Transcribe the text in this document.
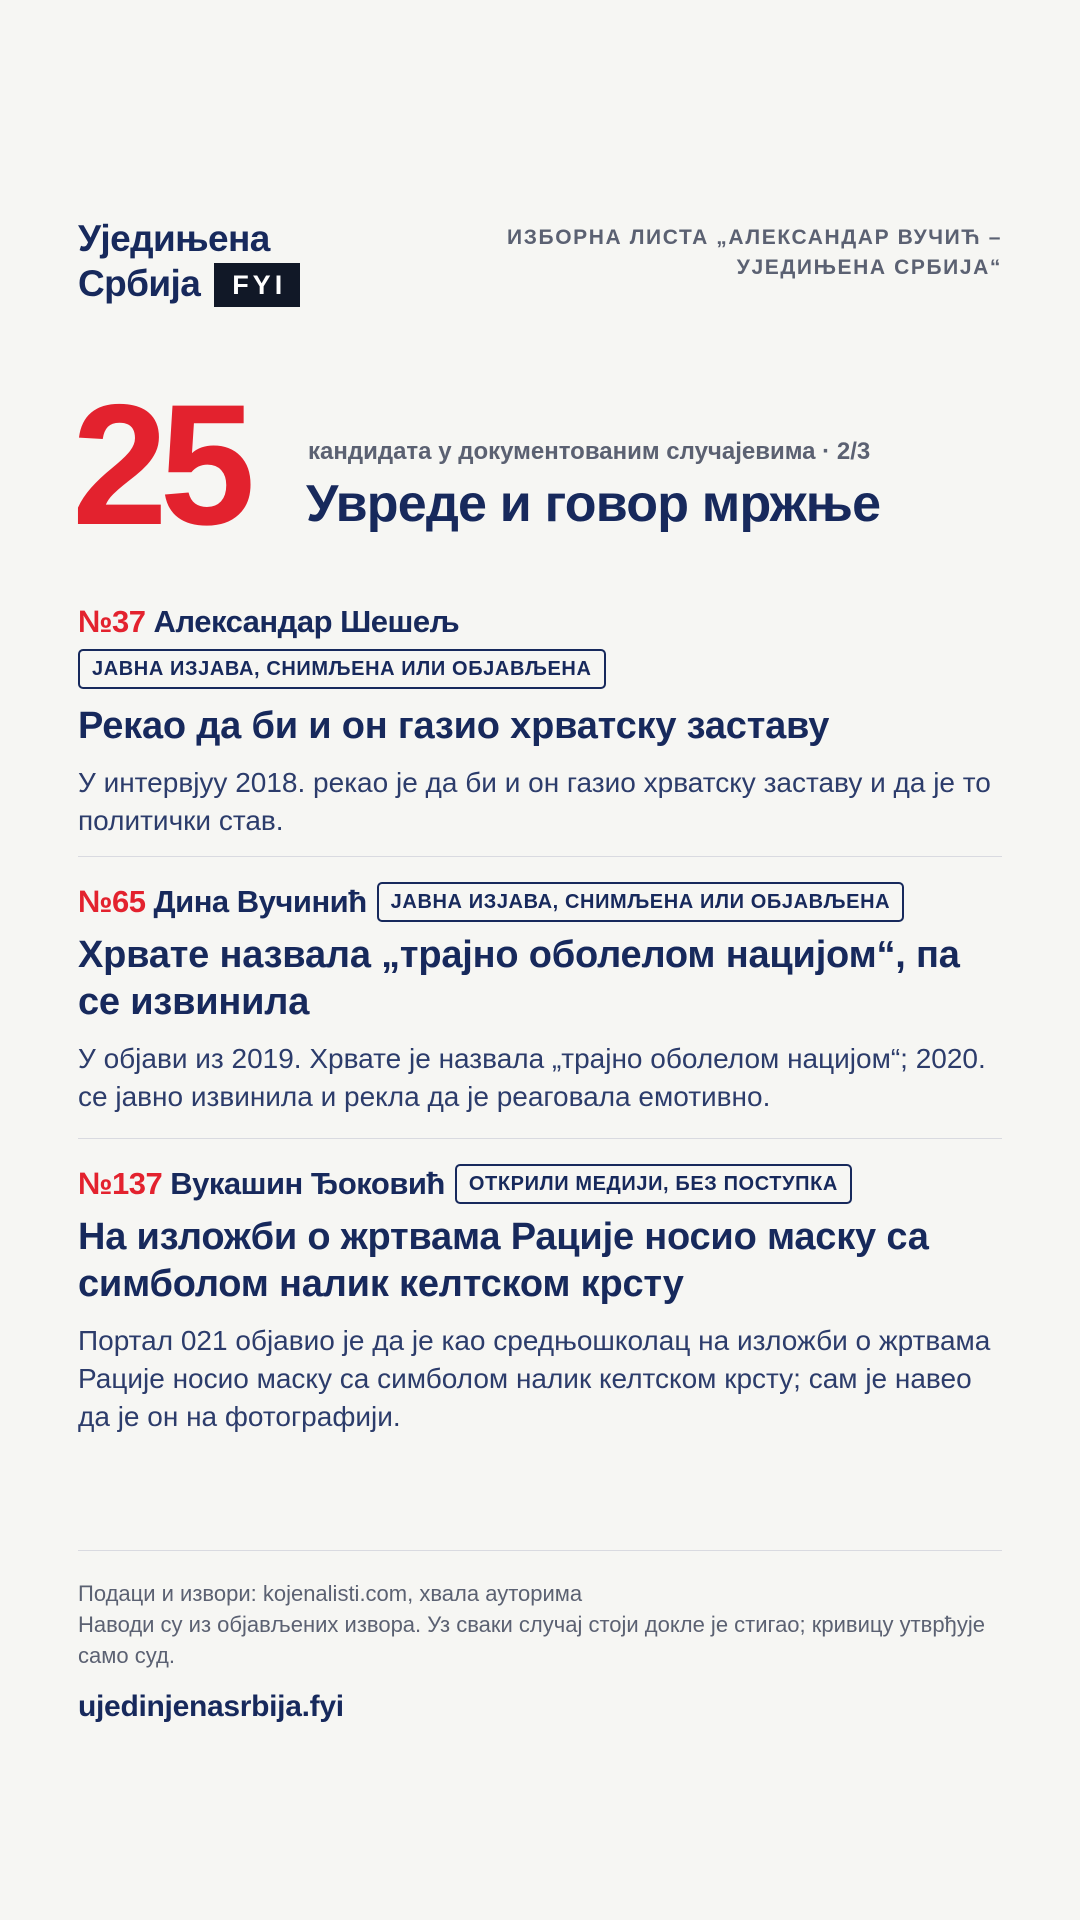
Уједињена
Србија	FYI
ИЗБОРНА ЛИСТА „АЛЕКСАНДАР ВУЧИЋ –
УЈЕДИЊЕНА СРБИЈА“
25	кандидата у документованим случајевима · 2/3
Увреде и говор мржње
№37 Александар Шешељ
ЈАВНА ИЗЈАВА, СНИМЉЕНА ИЛИ ОБЈАВЉЕНА
Рекао да би и он газио хрватску заставу
У интервјуу 2018. рекао је да би и он газио хрватску заставу и да је то политички став.
№65 Дина Вучинић	ЈАВНА ИЗЈАВА, СНИМЉЕНА ИЛИ ОБЈАВЉЕНА
Хрвате назвала „трајно оболелом нацијом“, па се извинила
У објави из 2019. Хрвате је назвала „трајно оболелом нацијом“; 2020. се јавно извинила и рекла да је реаговала емотивно.
№137 Вукашин Ђоковић	ОТКРИЛИ МЕДИЈИ, БЕЗ ПОСТУПКА
На изложби о жртвама Рације носио маску са симболом налик келтском крсту
Портал 021 објавио је да је као средњошколац на изложби о жртвама Рације носио маску са симболом налик келтском крсту; сам је навео да је он на фотографији.
Подаци и извори: kojenalisti.com, хвала ауторима
Наводи су из објављених извора. Уз сваки случај стоји докле је стигао; кривицу утврђује само суд.
ujedinjenasrbija.fyi
